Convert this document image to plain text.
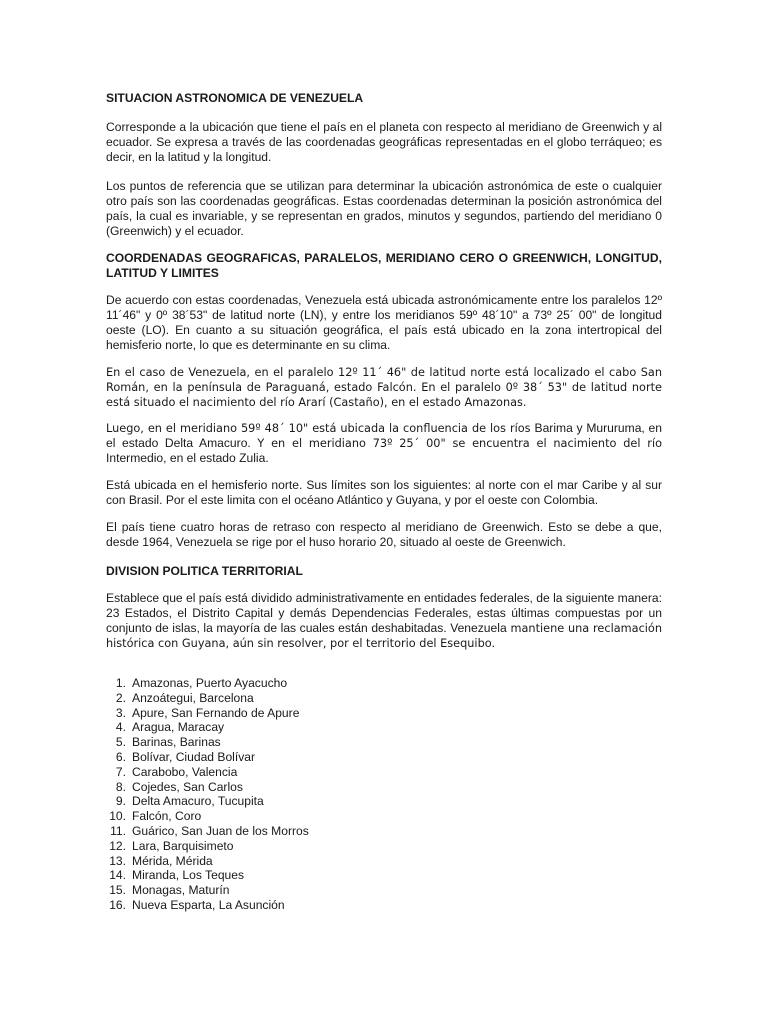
SITUACION ASTRONOMICA DE VENEZUELA

Corresponde a la ubicación que tiene el país en el planeta con respecto al meridiano de Greenwich y al ecuador. Se expresa a través de las coordenadas geográficas representadas en el globo terráqueo; es decir, en la latitud y la longitud.

Los puntos de referencia que se utilizan para determinar la ubicación astronómica de este o cualquier otro país son las coordenadas geográficas. Estas coordenadas determinan la posición astronómica del país, la cual es invariable, y se representan en grados, minutos y segundos, partiendo del meridiano 0 (Greenwich) y el ecuador.

COORDENADAS GEOGRAFICAS, PARALELOS, MERIDIANO CERO O GREENWICH, LONGITUD, LATITUD Y LIMITES

De acuerdo con estas coordenadas, Venezuela está ubicada astronómicamente entre los paralelos 12º 11´46" y 0º 38´53" de latitud norte (LN), y entre los meridianos 59º 48´10" a 73º 25´ 00" de longitud oeste (LO). En cuanto a su situación geográfica, el país está ubicado en la zona intertropical del hemisferio norte, lo que es determinante en su clima.

En el caso de Venezuela, en el paralelo 12º 11´ 46" de latitud norte está localizado el cabo San Román, en la península de Paraguaná, estado Falcón. En el paralelo 0º 38´ 53" de latitud norte está situado el nacimiento del río Ararí (Castaño), en el estado Amazonas.

Luego, en el meridiano 59º 48´ 10" está ubicada la confluencia de los ríos Barima y Mururuma, en el estado Delta Amacuro. Y en el meridiano 73º 25´ 00" se encuentra el nacimiento del río Intermedio, en el estado Zulia.

Está ubicada en el hemisferio norte. Sus límites son los siguientes: al norte con el mar Caribe y al sur con Brasil. Por el este limita con el océano Atlántico y Guyana, y por el oeste con Colombia.

El país tiene cuatro horas de retraso con respecto al meridiano de Greenwich. Esto se debe a que, desde 1964, Venezuela se rige por el huso horario 20, situado al oeste de Greenwich.

DIVISION POLITICA TERRITORIAL

Establece que el país está dividido administrativamente en entidades federales, de la siguiente manera: 23 Estados, el Distrito Capital y demás Dependencias Federales, estas últimas compuestas por un conjunto de islas, la mayoría de las cuales están deshabitadas. Venezuela mantiene una reclamación histórica con Guyana, aún sin resolver, por el territorio del Esequibo.

1. Amazonas, Puerto Ayacucho
2. Anzoátegui, Barcelona
3. Apure, San Fernando de Apure
4. Aragua, Maracay
5. Barinas, Barinas
6. Bolívar, Ciudad Bolívar
7. Carabobo, Valencia
8. Cojedes, San Carlos
9. Delta Amacuro, Tucupita
10. Falcón, Coro
11. Guárico, San Juan de los Morros
12. Lara, Barquisimeto
13. Mérida, Mérida
14. Miranda, Los Teques
15. Monagas, Maturín
16. Nueva Esparta, La Asunción
